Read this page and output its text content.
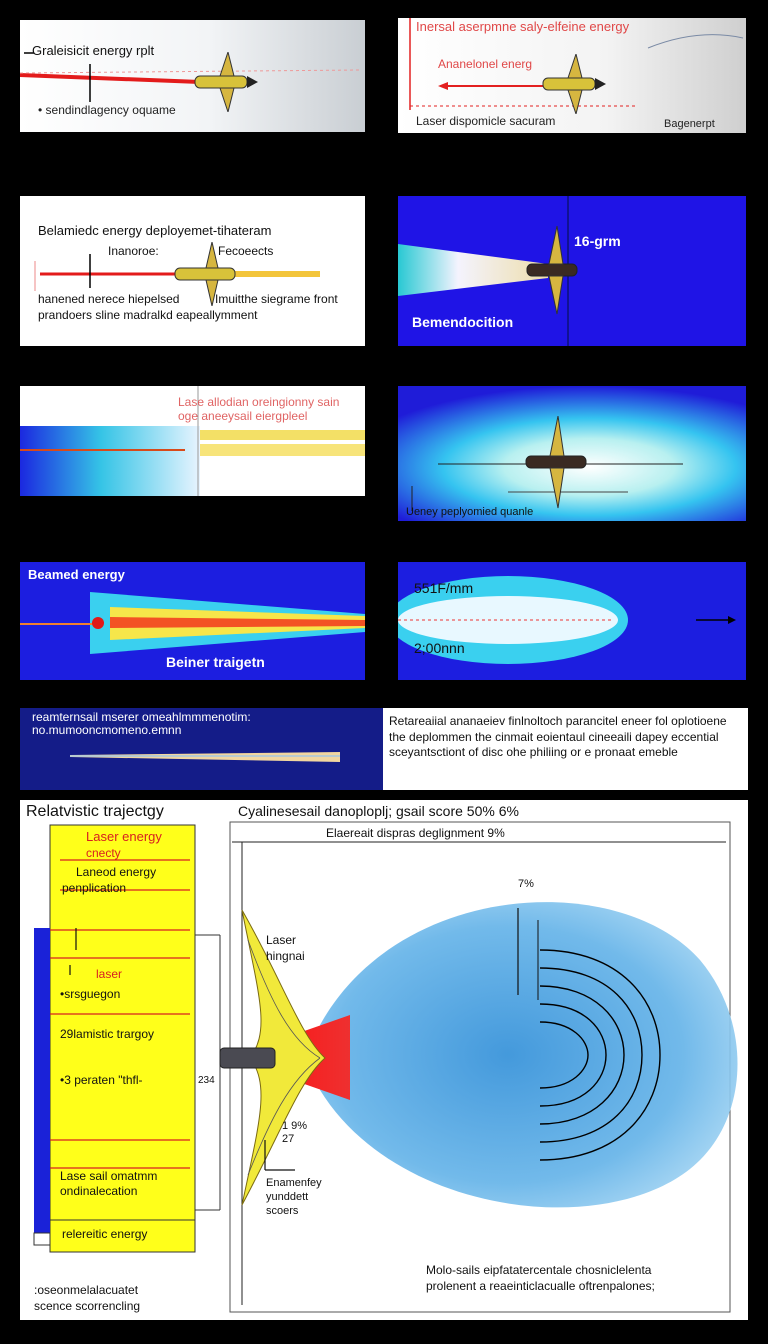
Graleisicit energy rplt
• sendindlagency oquame
Inersal aserpmne saly-elfeine energy
Ananelonel energ
Laser dispomicle sacuram	Bagenerpt
Belamiedc energy deployemet-tihateram
Inanoroe:	Fecoeects
hanened nerece hiepelsed	Imuitthe siegrame front
prandoers sline madralkd eapeallymment
16-grm
Bemendocition
Lase allodian oreingionny sain
oge aneeysail eiergpleel
Ueney peplyomied quanle
Beamed energy
Beiner traigetn
551F/mm
2;00nnn
reamternsail mserer omeahlmmmenotim:
no.mumooncmomeno.emnn
Retareaiial ananaeiev finlnoltoch parancitel eneer fol oplotioene the deplommen the cinmait eoientaul cineeaili dapey eccential sceyantsctiont of disc ohe philiing or e pronaat emeble
Relatvistic trajectgy	Cyalinesesail danoploplj; gsail score 50% 6%
Elaereait dispras deglignment 9%
Laser energy
cnecty
Laneod energy
penplication
laser
•srsguegon
29lamistic trargoy
•3 peraten "thfl-
Lase sail omatmm
ondinalecation
relereitic energy
:oseonmelalacuatet
scence scorrencling
Laser
hingnai
7%
234
1 9%
27
Enamenfey
yunddett
scoers
Molo-sails eipfatatercentale chosniclelenta
prolenent a reaeinticlacualle oftrenpalones;
